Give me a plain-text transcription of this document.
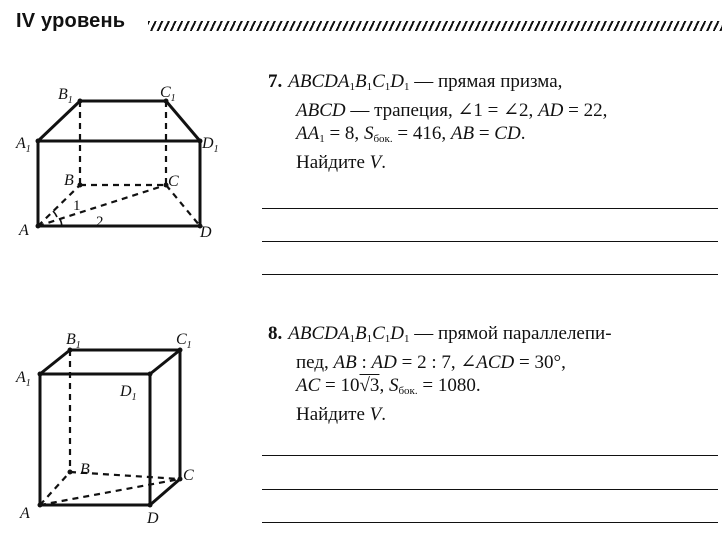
IV уровень
$B_1$	$C_1$
$A_1$	$D_1$
B	C
A	D
1
2
7. $ABCDA_1B_1C_1D_1$ — прямая призма,
ABCD — трапеция, ∠1 = ∠2, AD = 22,
$AA_1 = 8$, $S_{бок.} = 416$, AB = CD.
Найдите V.
$B_1$	$C_1$
$A_1$	$D_1$
B	C
A	D
8. $ABCDA_1B_1C_1D_1$ — прямой параллелепи-
пед, AB : AD = 2 : 7, ∠ACD = 30°,
AC = 10√3, $S_{бок.} = 1080$.
Найдите V.
